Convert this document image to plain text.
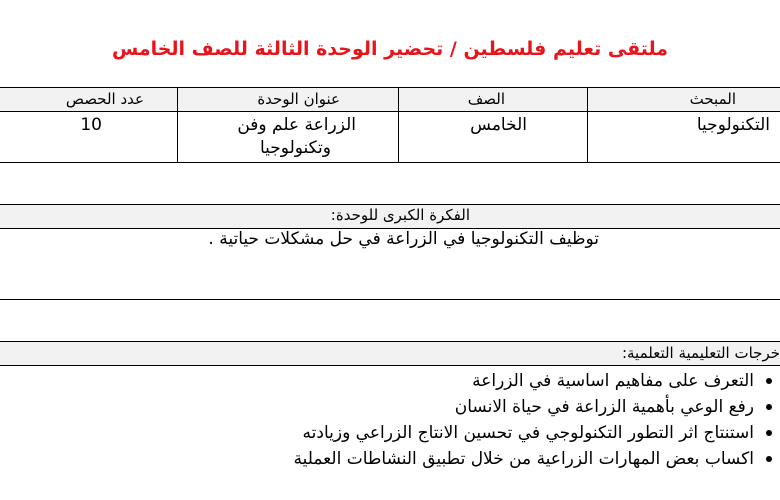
ملتقى تعليم فلسطين / تحضير الوحدة الثالثة للصف الخامس
المبحث
الصف
عنوان الوحدة
عدد الحصص
التكنولوجيا
الخامس
الزراعة علم وفن
وتكنولوجيا
10
الفكرة الكبرى للوحدة:
توظيف التكنولوجيا في الزراعة في حل مشكلات حياتية .
خرجات التعليمية التعلمية:
التعرف على مفاهيم اساسية في الزراعة
رفع الوعي بأهمية الزراعة في حياة الانسان
استنتاج اثر التطور التكنولوجي في تحسين الانتاج الزراعي وزيادته
اكساب بعض المهارات الزراعية من خلال تطبيق النشاطات العملية
